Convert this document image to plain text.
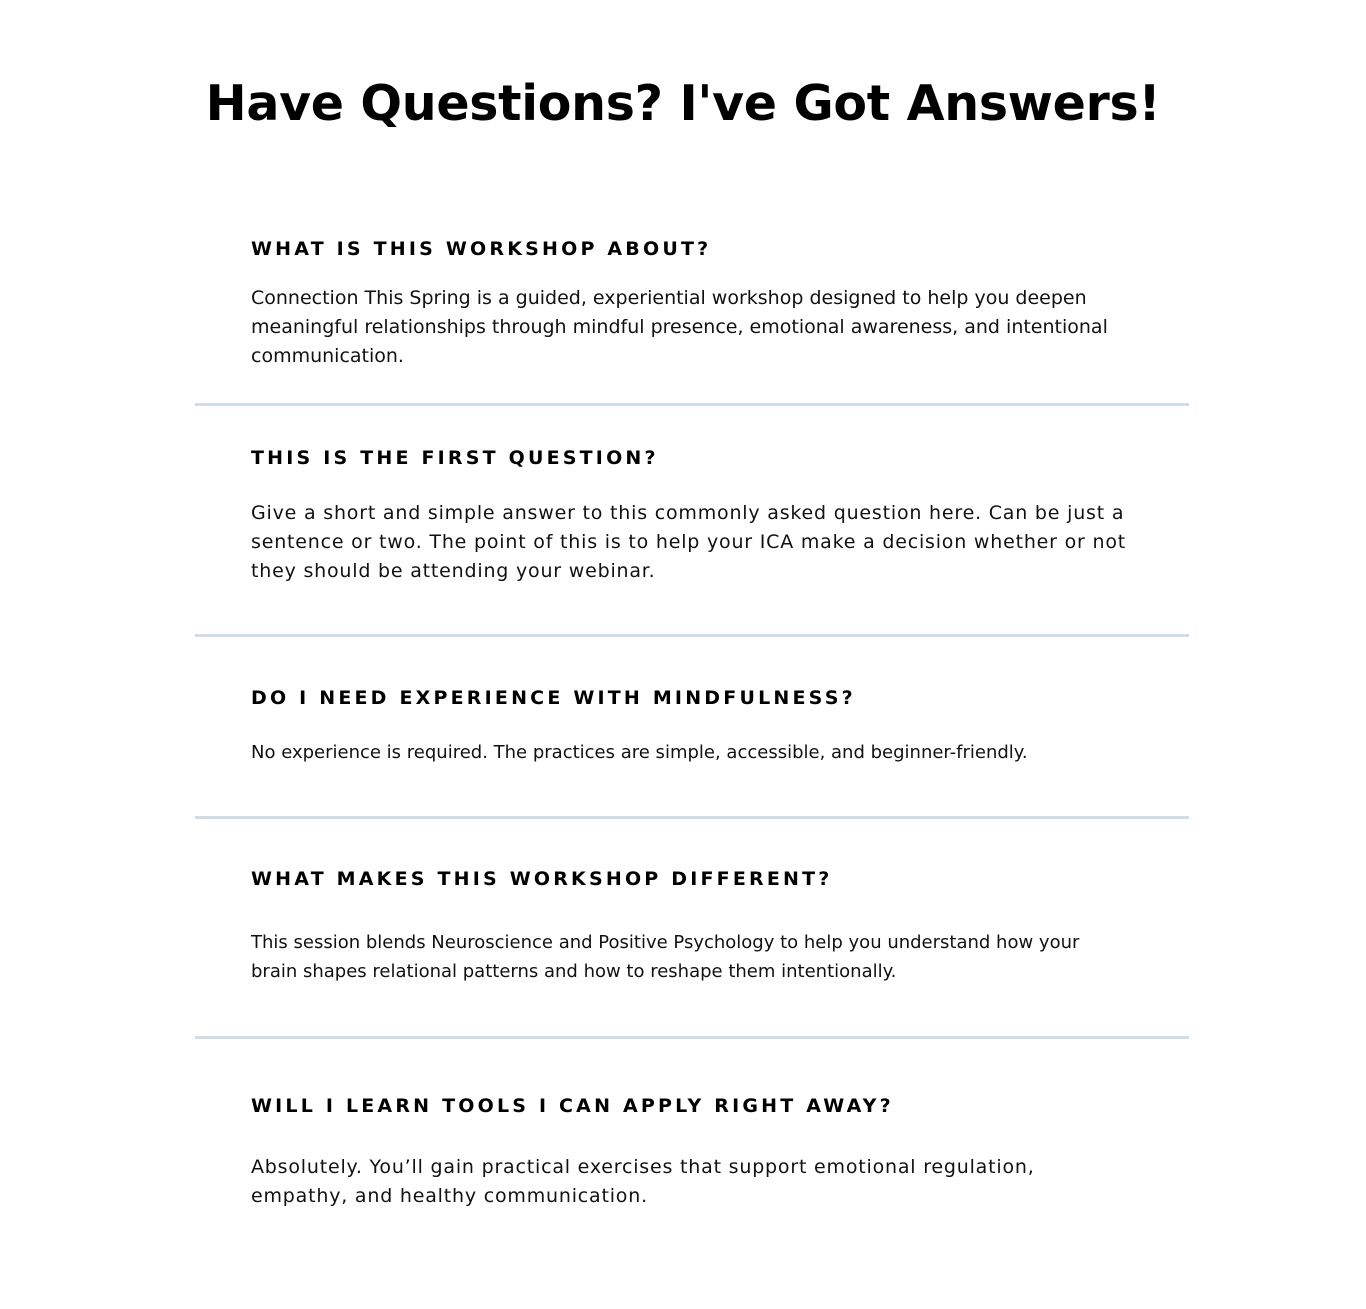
Have Questions? I've Got Answers!
WHAT IS THIS WORKSHOP ABOUT?

Connection This Spring is a guided, experiential workshop designed to help you deepen meaningful relationships through mindful presence, emotional awareness, and intentional communication.

THIS IS THE FIRST QUESTION?

Give a short and simple answer to this commonly asked question here. Can be just a sentence or two. The point of this is to help your ICA make a decision whether or not they should be attending your webinar.

DO I NEED EXPERIENCE WITH MINDFULNESS?

No experience is required. The practices are simple, accessible, and beginner-friendly.

WHAT MAKES THIS WORKSHOP DIFFERENT?

This session blends Neuroscience and Positive Psychology to help you understand how your brain shapes relational patterns and how to reshape them intentionally.

WILL I LEARN TOOLS I CAN APPLY RIGHT AWAY?

Absolutely. You’ll gain practical exercises that support emotional regulation, empathy, and healthy communication.
